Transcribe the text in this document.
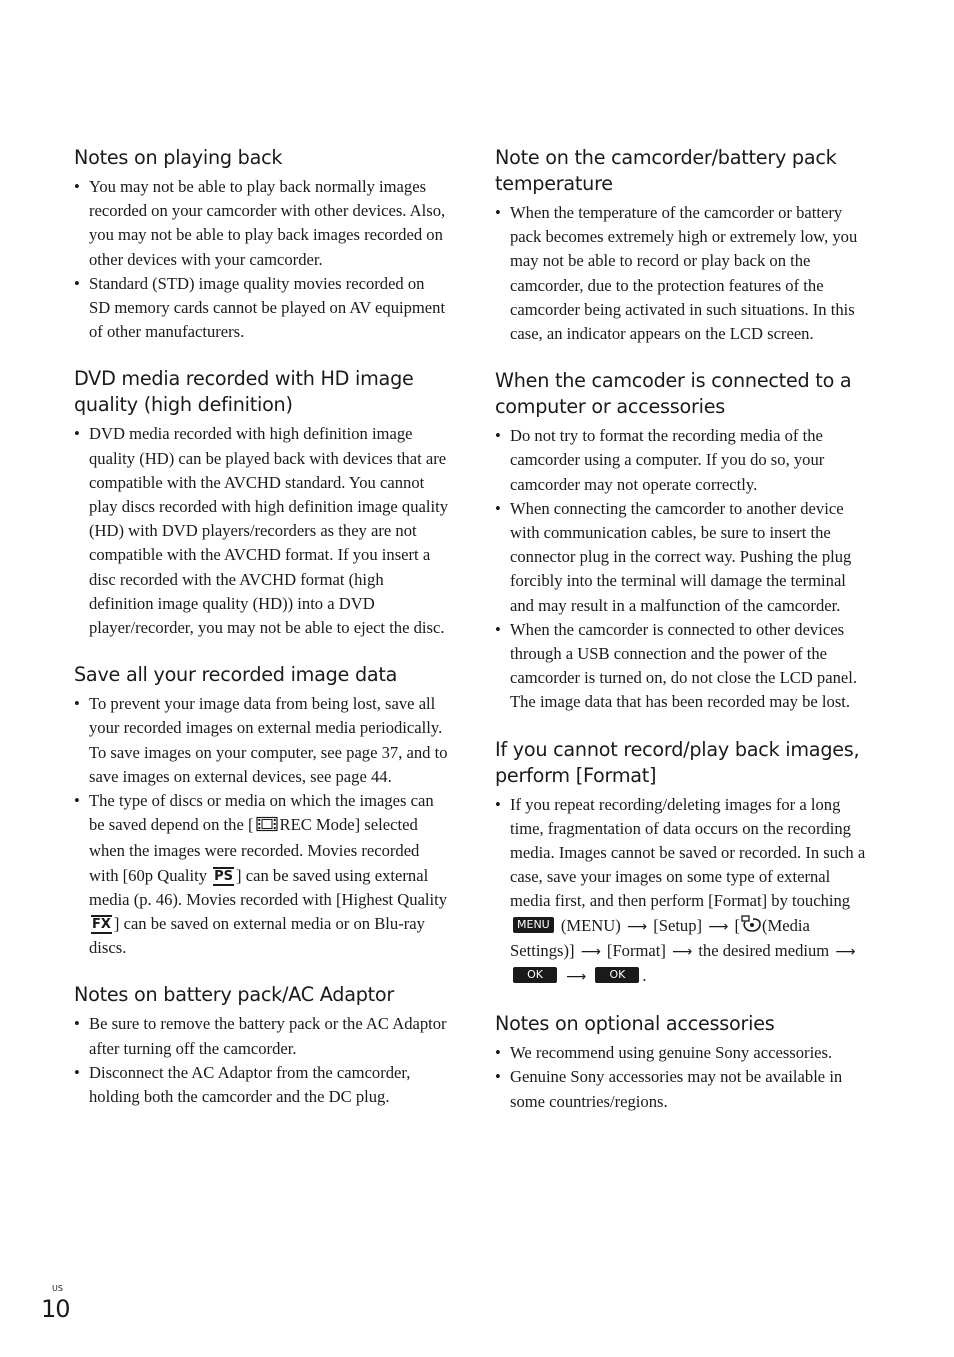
Notes on playing back
• You may not be able to play back normally images recorded on your camcorder with other devices. Also, you may not be able to play back images recorded on other devices with your camcorder.
• Standard (STD) image quality movies recorded on SD memory cards cannot be played on AV equipment of other manufacturers.
DVD media recorded with HD image quality (high definition)
• DVD media recorded with high definition image quality (HD) can be played back with devices that are compatible with the AVCHD standard. You cannot play discs recorded with high definition image quality (HD) with DVD players/recorders as they are not compatible with the AVCHD format. If you insert a disc recorded with the AVCHD format (high definition image quality (HD)) into a DVD player/recorder, you may not be able to eject the disc.
Save all your recorded image data
• To prevent your image data from being lost, save all your recorded images on external media periodically. To save images on your computer, see page 37, and to save images on external devices, see page 44.
• The type of discs or media on which the images can be saved depend on the [ REC Mode] selected when the images were recorded. Movies recorded with [60p Quality PS ] can be saved using external media (p. 46). Movies recorded with [Highest Quality FX ] can be saved on external media or on Blu-ray discs.
Notes on battery pack/AC Adaptor
• Be sure to remove the battery pack or the AC Adaptor after turning off the camcorder.
• Disconnect the AC Adaptor from the camcorder, holding both the camcorder and the DC plug.
Note on the camcorder/battery pack temperature
• When the temperature of the camcorder or battery pack becomes extremely high or extremely low, you may not be able to record or play back on the camcorder, due to the protection features of the camcorder being activated in such situations. In this case, an indicator appears on the LCD screen.
When the camcoder is connected to a computer or accessories
• Do not try to format the recording media of the camcorder using a computer. If you do so, your camcorder may not operate correctly.
• When connecting the camcorder to another device with communication cables, be sure to insert the connector plug in the correct way. Pushing the plug forcibly into the terminal will damage the terminal and may result in a malfunction of the camcorder.
• When the camcorder is connected to other devices through a USB connection and the power of the camcorder is turned on, do not close the LCD panel. The image data that has been recorded may be lost.
If you cannot record/play back images, perform [Format]
• If you repeat recording/deleting images for a long time, fragmentation of data occurs on the recording media. Images cannot be saved or recorded. In such a case, save your images on some type of external media first, and then perform [Format] by touching MENU (MENU) ⟶ [Setup] ⟶ [ (Media Settings)] ⟶ [Format] ⟶ the desired medium ⟶ OK ⟶ OK .
Notes on optional accessories
• We recommend using genuine Sony accessories.
• Genuine Sony accessories may not be available in some countries/regions.
US
10
